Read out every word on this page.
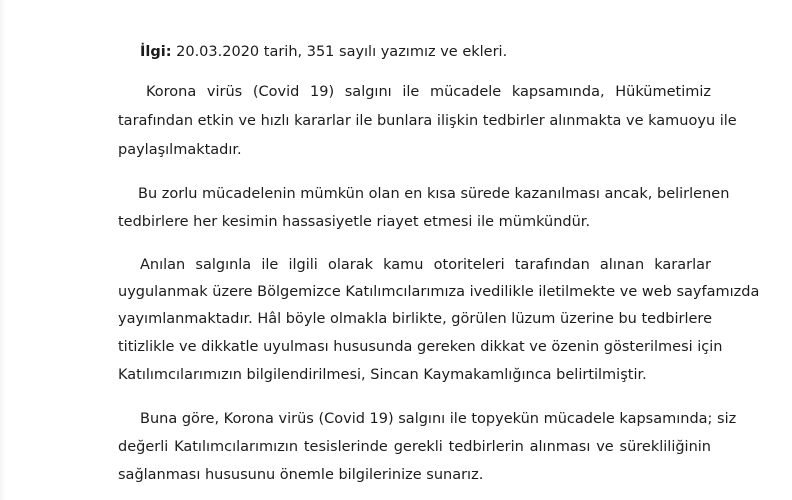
İlgi: 20.03.2020 tarih, 351 sayılı yazımız ve ekleri.
Korona virüs (Covid 19) salgını ile mücadele kapsamında, Hükümetimiz
tarafından etkin ve hızlı kararlar ile bunlara ilişkin tedbirler alınmakta ve kamuoyu ile
paylaşılmaktadır.
Bu zorlu mücadelenin mümkün olan en kısa sürede kazanılması ancak, belirlenen
tedbirlere her kesimin hassasiyetle riayet etmesi ile mümkündür.
Anılan salgınla ile ilgili olarak kamu otoriteleri tarafından alınan kararlar
uygulanmak üzere Bölgemizce Katılımcılarımıza ivedilikle iletilmekte ve web sayfamızda
yayımlanmaktadır. Hâl böyle olmakla birlikte, görülen lüzum üzerine bu tedbirlere
titizlikle ve dikkatle uyulması hususunda gereken dikkat ve özenin gösterilmesi için
Katılımcılarımızın bilgilendirilmesi, Sincan Kaymakamlığınca belirtilmiştir.
Buna göre, Korona virüs (Covid 19) salgını ile topyekün mücadele kapsamında; siz
değerli Katılımcılarımızın tesislerinde gerekli tedbirlerin alınması ve sürekliliğinin
sağlanması hususunu önemle bilgilerinize sunarız.
